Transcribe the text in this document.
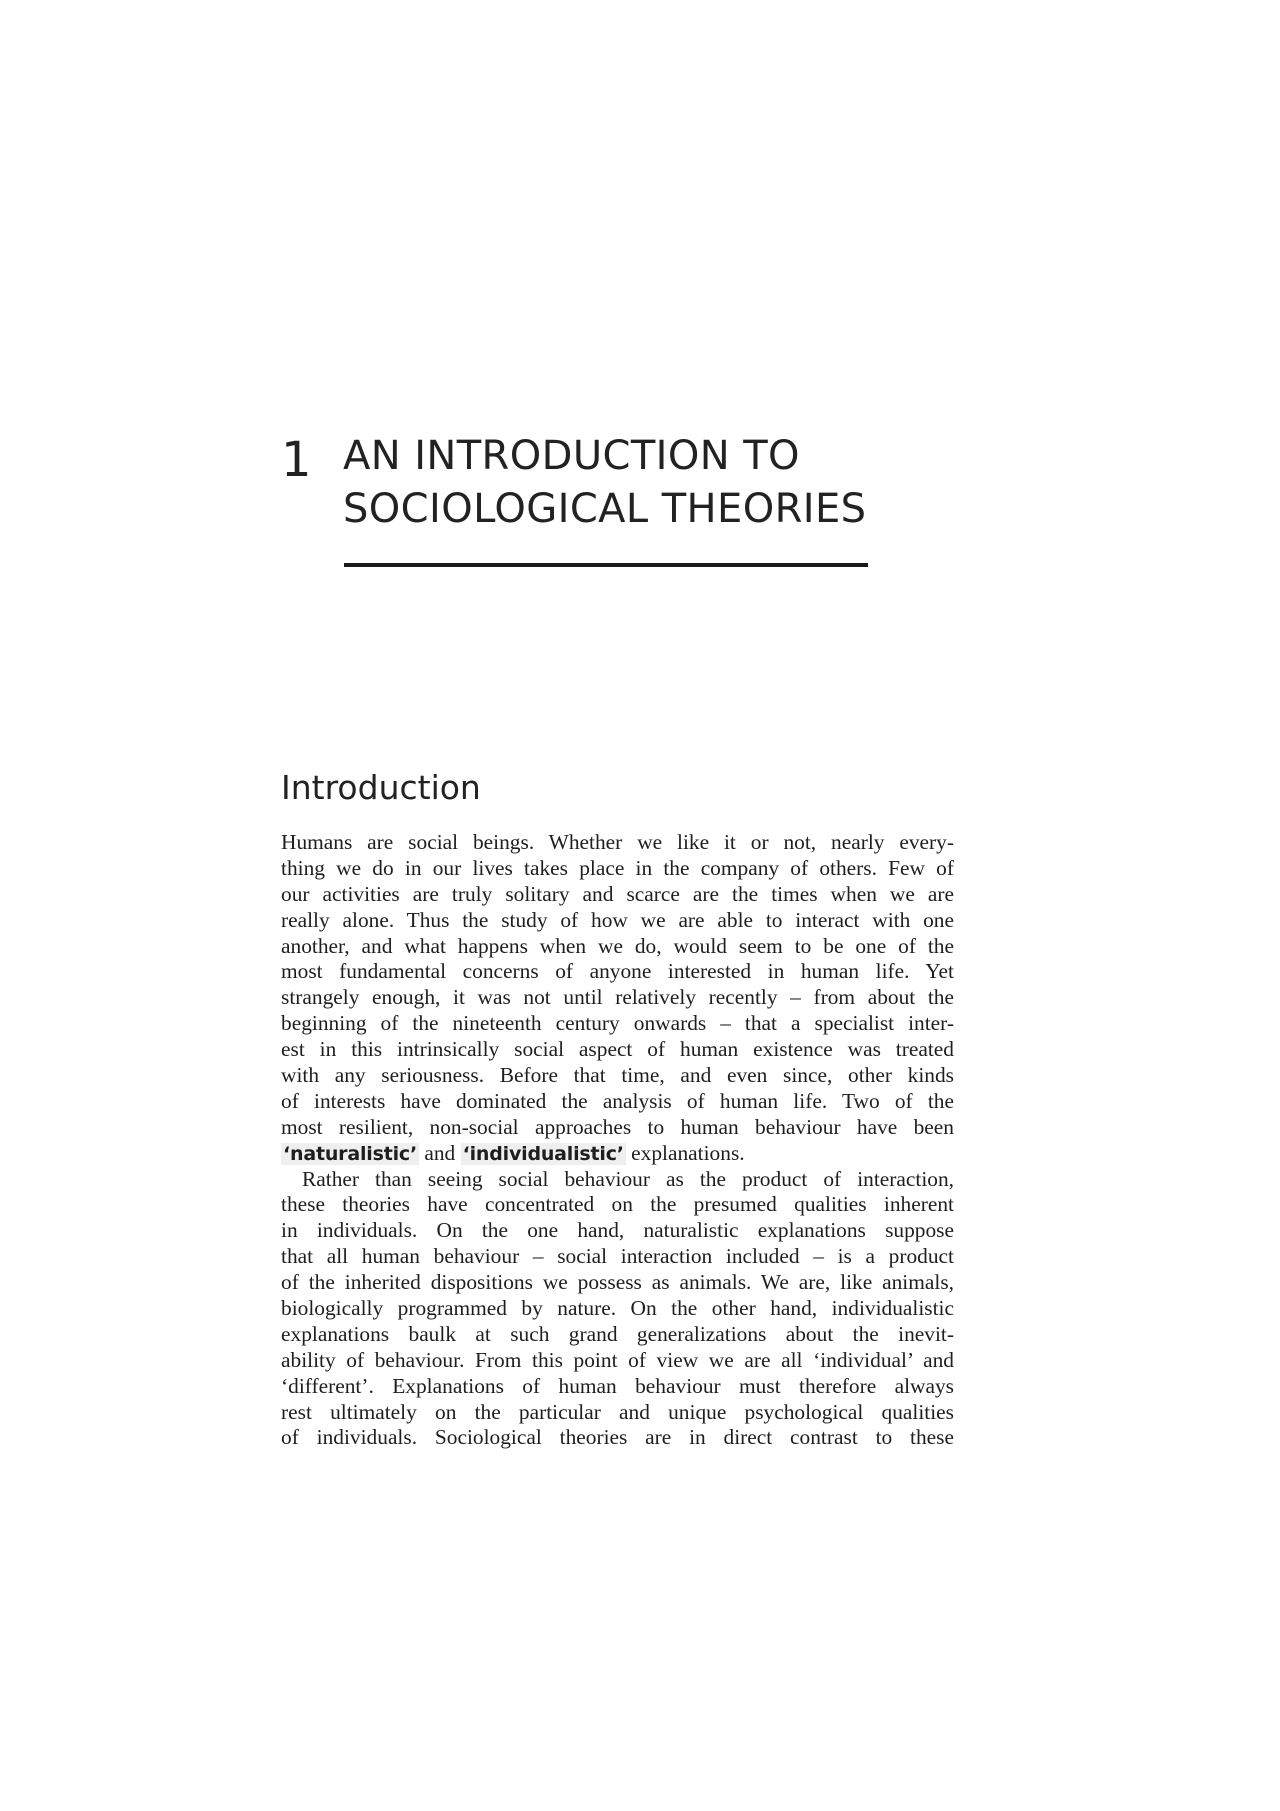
1 AN INTRODUCTION TO
SOCIOLOGICAL THEORIES
Introduction
Humans are social beings. Whether we like it or not, nearly every-
thing we do in our lives takes place in the company of others. Few of
our activities are truly solitary and scarce are the times when we are
really alone. Thus the study of how we are able to interact with one
another, and what happens when we do, would seem to be one of the
most fundamental concerns of anyone interested in human life. Yet
strangely enough, it was not until relatively recently – from about the
beginning of the nineteenth century onwards – that a specialist inter-
est in this intrinsically social aspect of human existence was treated
with any seriousness. Before that time, and even since, other kinds
of interests have dominated the analysis of human life. Two of the
most resilient, non-social approaches to human behaviour have been
‘naturalistic’ and ‘individualistic’ explanations.
Rather than seeing social behaviour as the product of interaction,
these theories have concentrated on the presumed qualities inherent
in individuals. On the one hand, naturalistic explanations suppose
that all human behaviour – social interaction included – is a product
of the inherited dispositions we possess as animals. We are, like animals,
biologically programmed by nature. On the other hand, individualistic
explanations baulk at such grand generalizations about the inevit-
ability of behaviour. From this point of view we are all ‘individual’ and
‘different’. Explanations of human behaviour must therefore always
rest ultimately on the particular and unique psychological qualities
of individuals. Sociological theories are in direct contrast to these
